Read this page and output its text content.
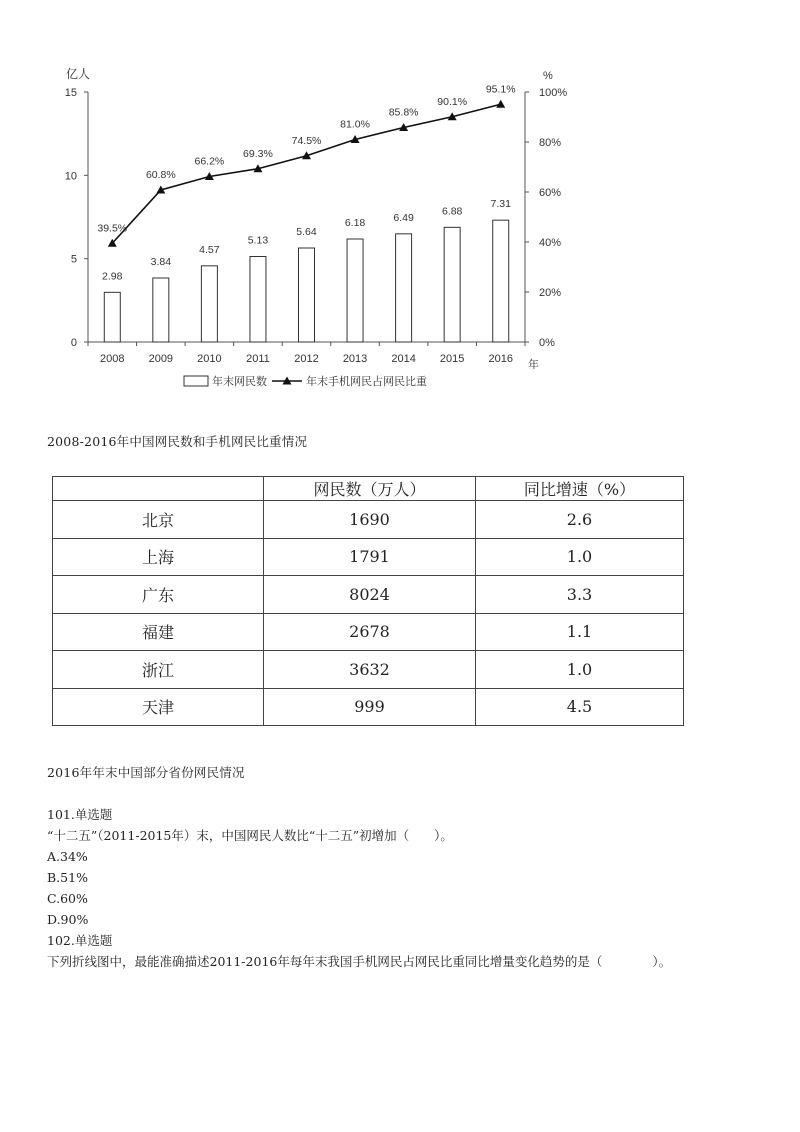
0
5
10
15
0%
20%
40%
60%
80%
100%
亿人	%
年
2008 2009 2010 2011 2012 2013 2014 2015 2016
2.98
3.84
4.57
5.13
5.64
6.18	6.49
6.88
7.31
39.5%
60.8%
66.2%
69.3%
74.5%
81.0%
85.8%
90.1%
95.1%
年末网民数	年末手机网民占网民比重
2008-2016年中国网民数和手机网民比重情况
	网民数（万人）	同比增速（%）
北京	1690	2.6
上海	1791	1.0
广东	8024	3.3
福建	2678	1.1
浙江	3632	1.0
天津	999	4.5
2016年年末中国部分省份网民情况
101.单选题
“十二五”（2011-2015年）末，中国网民人数比“十二五”初增加（　　）。
A.34%
B.51%
C.60%
D.90%
102.单选题
下列折线图中，最能准确描述2011-2016年每年末我国手机网民占网民比重同比增量变化趋势的是（　　　　）。
